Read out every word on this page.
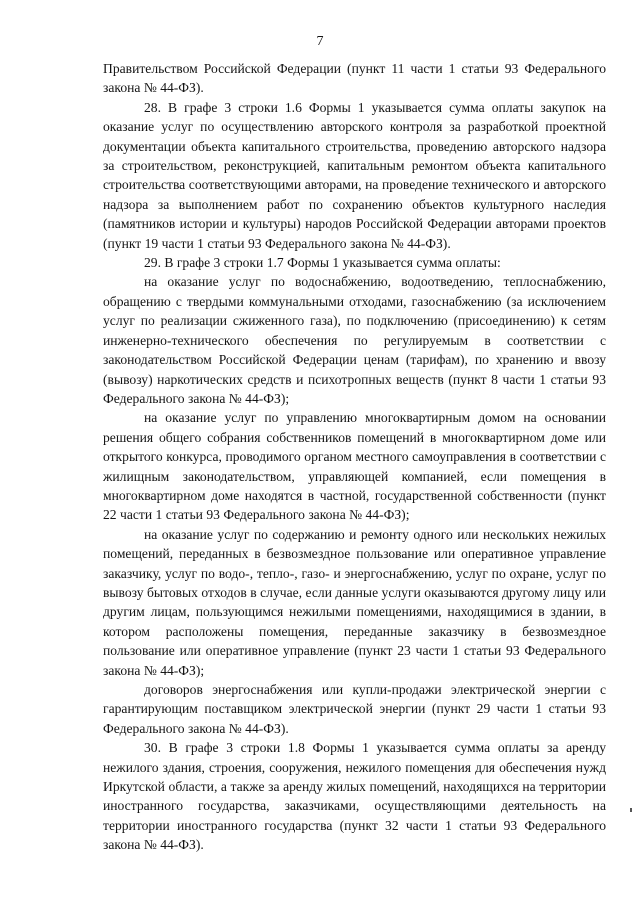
7

Правительством Российской Федерации (пункт 11 части 1 статьи 93 Федерального закона № 44-ФЗ).

28. В графе 3 строки 1.6 Формы 1 указывается сумма оплаты закупок на оказание услуг по осуществлению авторского контроля за разработкой проектной документации объекта капитального строительства, проведению авторского надзора за строительством, реконструкцией, капитальным ремонтом объекта капитального строительства соответствующими авторами, на проведение технического и авторского надзора за выполнением работ по сохранению объектов культурного наследия (памятников истории и культуры) народов Российской Федерации авторами проектов (пункт 19 части 1 статьи 93 Федерального закона № 44-ФЗ).

29. В графе 3 строки 1.7 Формы 1 указывается сумма оплаты:

на оказание услуг по водоснабжению, водоотведению, теплоснабжению, обращению с твердыми коммунальными отходами, газоснабжению (за исключением услуг по реализации сжиженного газа), по подключению (присоединению) к сетям инженерно-технического обеспечения по регулируемым в соответствии с законодательством Российской Федерации ценам (тарифам), по хранению и ввозу (вывозу) наркотических средств и психотропных веществ (пункт 8 части 1 статьи 93 Федерального закона № 44-ФЗ);

на оказание услуг по управлению многоквартирным домом на основании решения общего собрания собственников помещений в многоквартирном доме или открытого конкурса, проводимого органом местного самоуправления в соответствии с жилищным законодательством, управляющей компанией, если помещения в многоквартирном доме находятся в частной, государственной собственности (пункт 22 части 1 статьи 93 Федерального закона № 44-ФЗ);

на оказание услуг по содержанию и ремонту одного или нескольких нежилых помещений, переданных в безвозмездное пользование или оперативное управление заказчику, услуг по водо-, тепло-, газо- и энергоснабжению, услуг по охране, услуг по вывозу бытовых отходов в случае, если данные услуги оказываются другому лицу или другим лицам, пользующимся нежилыми помещениями, находящимися в здании, в котором расположены помещения, переданные заказчику в безвозмездное пользование или оперативное управление (пункт 23 части 1 статьи 93 Федерального закона № 44-ФЗ);

договоров энергоснабжения или купли-продажи электрической энергии с гарантирующим поставщиком электрической энергии (пункт 29 части 1 статьи 93 Федерального закона № 44-ФЗ).

30. В графе 3 строки 1.8 Формы 1 указывается сумма оплаты за аренду нежилого здания, строения, сооружения, нежилого помещения для обеспечения нужд Иркутской области, а также за аренду жилых помещений, находящихся на территории иностранного государства, заказчиками, осуществляющими деятельность на территории иностранного государства (пункт 32 части 1 статьи 93 Федерального закона № 44-ФЗ).
